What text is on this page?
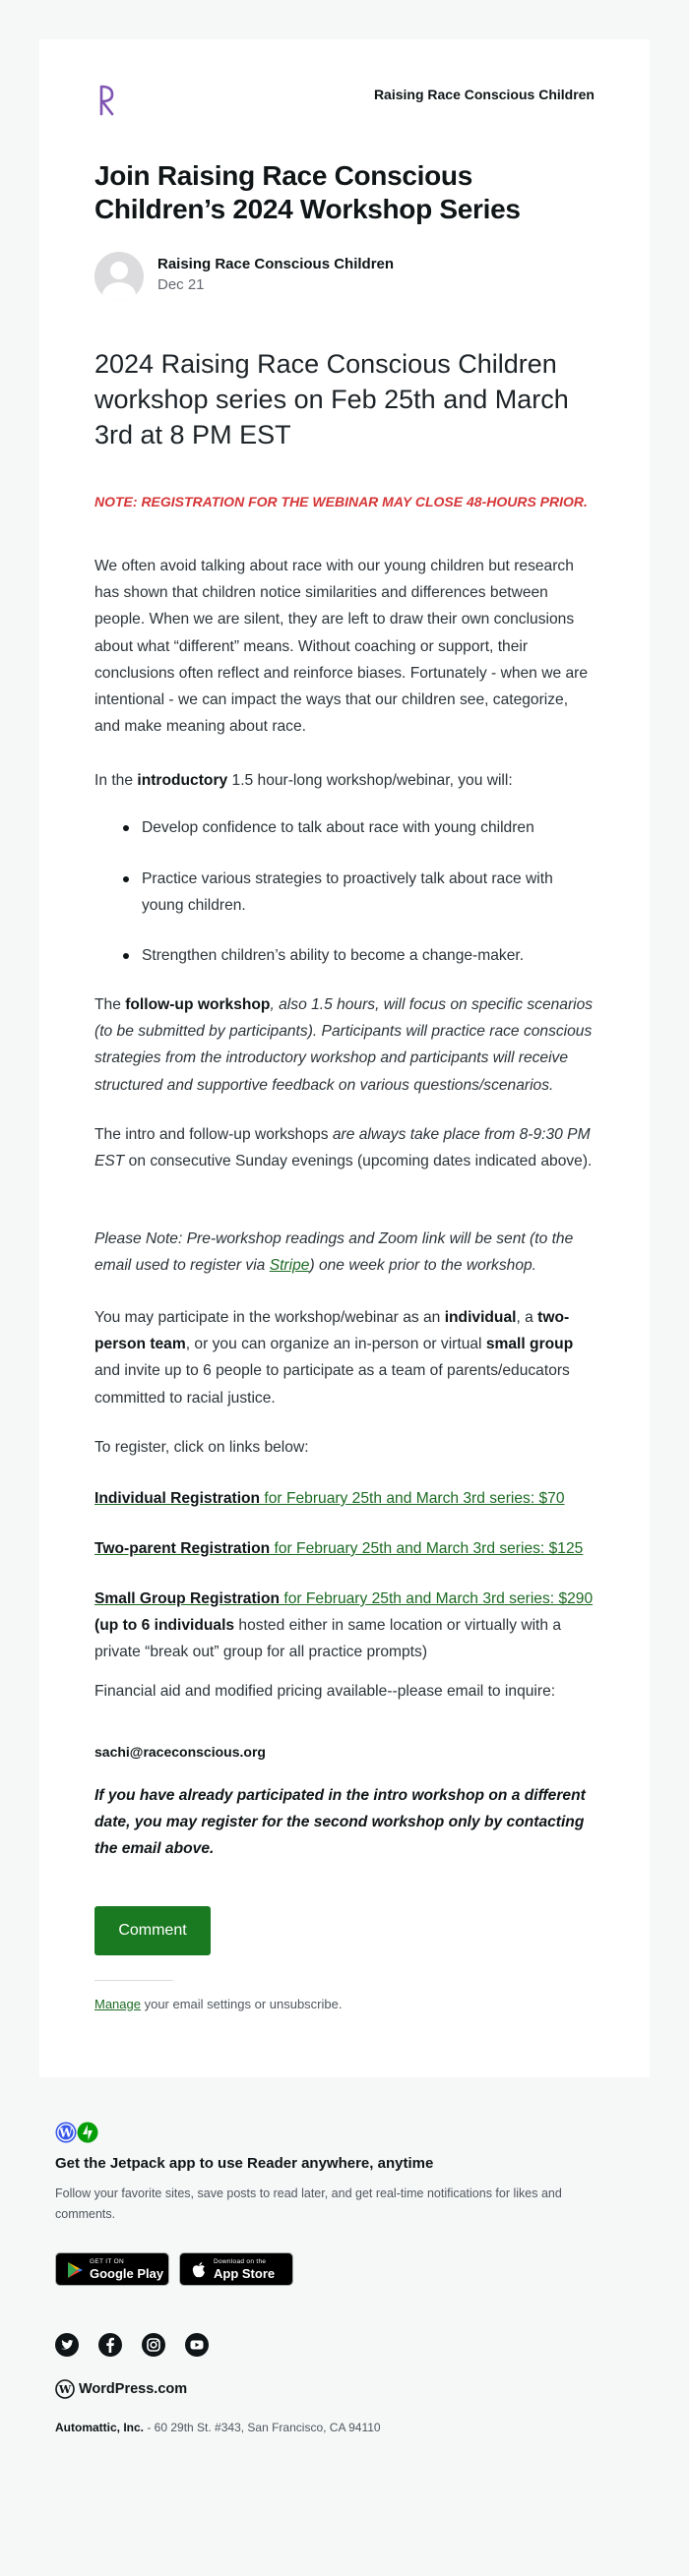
Raising Race Conscious Children
Join Raising Race Conscious Children’s 2024 Workshop Series
Raising Race Conscious Children
Dec 21
2024 Raising Race Conscious Children workshop series on Feb 25th and March 3rd at 8 PM EST
NOTE: REGISTRATION FOR THE WEBINAR MAY CLOSE 48-HOURS PRIOR.
We often avoid talking about race with our young children but research has shown that children notice similarities and differences between people. When we are silent, they are left to draw their own conclusions about what “different” means. Without coaching or support, their conclusions often reflect and reinforce biases. Fortunately - when we are intentional - we can impact the ways that our children see, categorize, and make meaning about race.
In the introductory 1.5 hour-long workshop/webinar, you will:
Develop confidence to talk about race with young children
Practice various strategies to proactively talk about race with young children.
Strengthen children’s ability to become a change-maker.
The follow-up workshop, also 1.5 hours, will focus on specific scenarios (to be submitted by participants). Participants will practice race conscious strategies from the introductory workshop and participants will receive structured and supportive feedback on various questions/scenarios.
The intro and follow-up workshops are always take place from 8-9:30 PM EST on consecutive Sunday evenings (upcoming dates indicated above).
Please Note: Pre-workshop readings and Zoom link will be sent (to the email used to register via Stripe) one week prior to the workshop.
You may participate in the workshop/webinar as an individual, a two-person team, or you can organize an in-person or virtual small group and invite up to 6 people to participate as a team of parents/educators committed to racial justice.
To register, click on links below:
Individual Registration for February 25th and March 3rd series: $70
Two-parent Registration for February 25th and March 3rd series: $125
Small Group Registration for February 25th and March 3rd series: $290 (up to 6 individuals hosted either in same location or virtually with a private “break out” group for all practice prompts)
Financial aid and modified pricing available--please email to inquire:
sachi@raceconscious.org
If you have already participated in the intro workshop on a different date, you may register for the second workshop only by contacting the email above.
Comment
Manage your email settings or unsubscribe.
W
Get the Jetpack app to use Reader anywhere, anytime
Follow your favorite sites, save posts to read later, and get real-time notifications for likes and comments.
GET IT ON
Google Play
Download on the
App Store
W WordPress.com
Automattic, Inc. - 60 29th St. #343, San Francisco, CA 94110
